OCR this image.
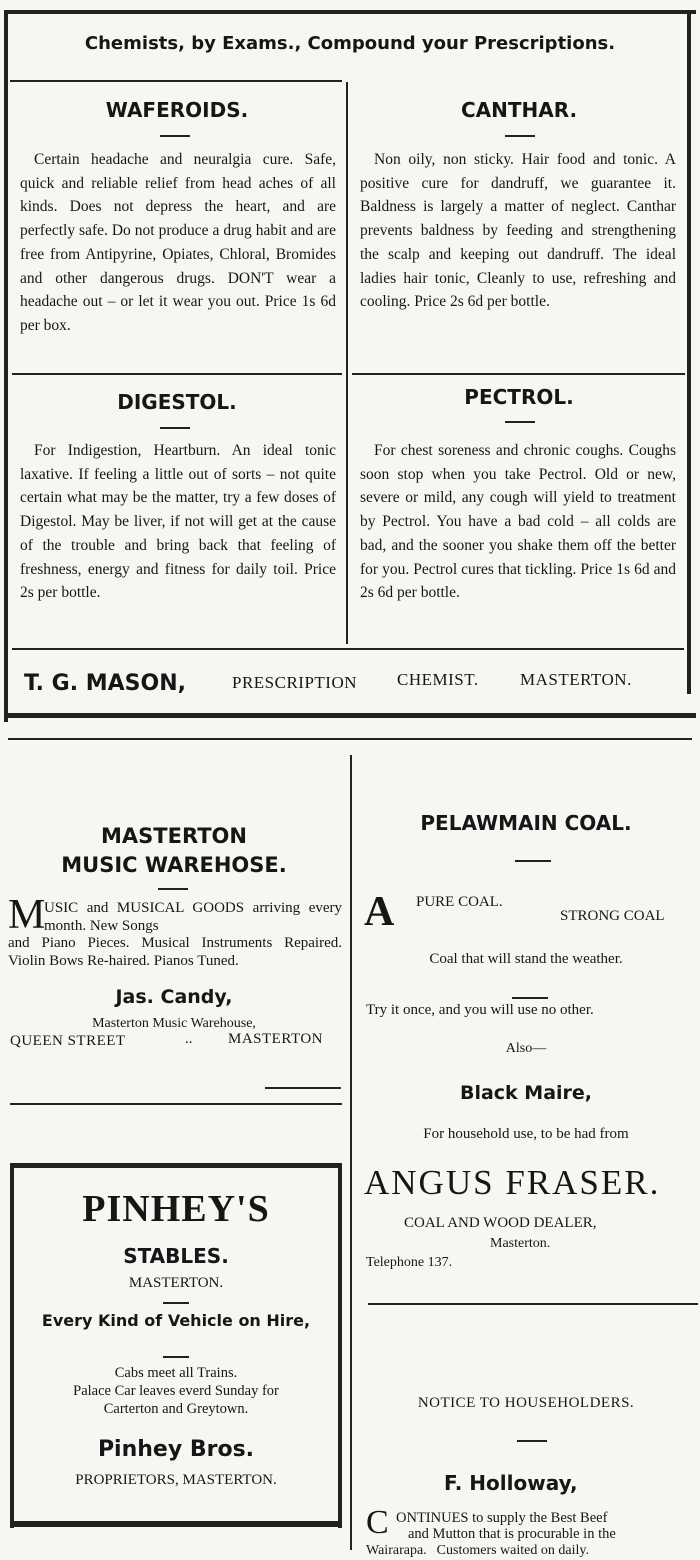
Chemists, by Exams., Compound your Prescriptions.
WAFEROIDS.
Certain headache and neuralgia cure. Safe, quick and reliable relief from head aches of all kinds. Does not depress the heart, and are perfectly safe. Do not produce a drug habit and are free from Antipyrine, Opiates, Chloral, Bromides and other dangerous drugs. DON'T wear a headache out – or let it wear you out. Price 1s 6d per box.
CANTHAR.
Non oily, non sticky. Hair food and tonic. A positive cure for dandruff, we guarantee it. Baldness is largely a matter of neglect. Canthar prevents baldness by feeding and strengthening the scalp and keeping out dandruff. The ideal ladies hair tonic, Cleanly to use, refreshing and cooling. Price 2s 6d per bottle.
DIGESTOL.
For Indigestion, Heartburn. An ideal tonic laxative. If feeling a little out of sorts – not quite certain what may be the matter, try a few doses of Digestol. May be liver, if not will get at the cause of the trouble and bring back that feeling of freshness, energy and fitness for daily toil. Price 2s per bottle.
PECTROL.
For chest soreness and chronic coughs. Coughs soon stop when you take Pectrol. Old or new, severe or mild, any cough will yield to treatment by Pectrol. You have a bad cold – all colds are bad, and the sooner you shake them off the better for you. Pectrol cures that tickling. Price 1s 6d and 2s 6d per bottle.
T. G. MASON,	PRESCRIPTION CHEMIST. MASTERTON.
MASTERTON
MUSIC WAREHOSE.
M
USIC and MUSICAL GOODS arriving every month. New Songs
and Piano Pieces. Musical Instruments Repaired. Violin Bows Re-haired. Pianos Tuned.
Jas. Candy,
Masterton Music Warehouse,
QUEEN STREET	.. MASTERTON
PINHEY'S
STABLES.
MASTERTON.
Every Kind of Vehicle on Hire,
Cabs meet all Trains.
Palace Car leaves everd Sunday for
Carterton and Greytown.
Pinhey Bros.
PROPRIETORS, MASTERTON.
PELAWMAIN COAL.
A PURE COAL.
STRONG COAL
Coal that will stand the weather.
Try it once, and you will use no other.
Also—
Black Maire,
For household use, to be had from
ANGUS FRASER.
COAL AND WOOD DEALER,
Masterton.
Telephone 137.
NOTICE TO HOUSEHOLDERS.
F. Holloway,
C ONTINUES to supply the Best Beef
and Mutton that is procurable in the
Wairarapa. Customers waited on daily.
